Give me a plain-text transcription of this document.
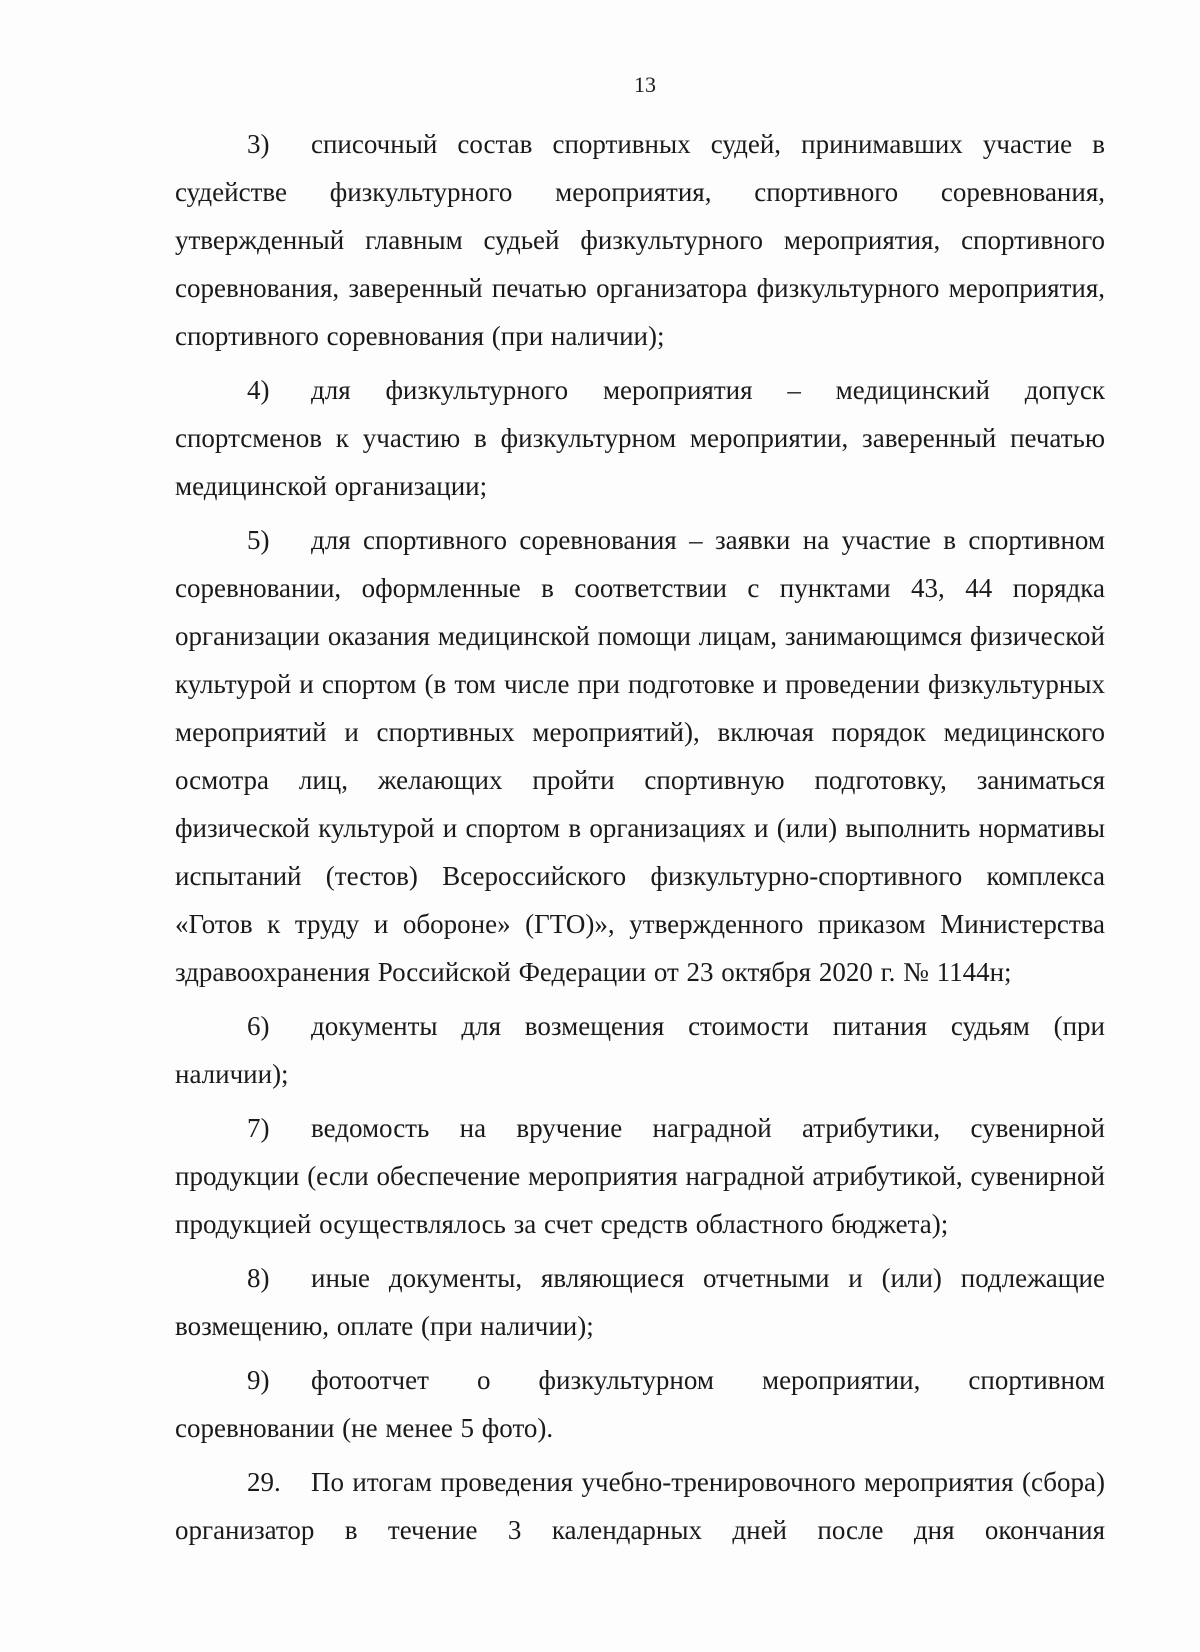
13

3) списочный состав спортивных судей, принимавших участие в судействе физкультурного мероприятия, спортивного соревнования, утвержденный главным судьей физкультурного мероприятия, спортивного соревнования, заверенный печатью организатора физкультурного мероприятия, спортивного соревнования (при наличии);

4) для физкультурного мероприятия – медицинский допуск спортсменов к участию в физкультурном мероприятии, заверенный печатью медицинской организации;

5) для спортивного соревнования – заявки на участие в спортивном соревновании, оформленные в соответствии с пунктами 43, 44 порядка организации оказания медицинской помощи лицам, занимающимся физической культурой и спортом (в том числе при подготовке и проведении физкультурных мероприятий и спортивных мероприятий), включая порядок медицинского осмотра лиц, желающих пройти спортивную подготовку, заниматься физической культурой и спортом в организациях и (или) выполнить нормативы испытаний (тестов) Всероссийского физкультурно-спортивного комплекса «Готов к труду и обороне» (ГТО)», утвержденного приказом Министерства здравоохранения Российской Федерации от 23 октября 2020 г. № 1144н;

6) документы для возмещения стоимости питания судьям (при наличии);

7) ведомость на вручение наградной атрибутики, сувенирной продукции (если обеспечение мероприятия наградной атрибутикой, сувенирной продукцией осуществлялось за счет средств областного бюджета);

8) иные документы, являющиеся отчетными и (или) подлежащие возмещению, оплате (при наличии);

9) фотоотчет о физкультурном мероприятии, спортивном соревновании (не менее 5 фото).

29. По итогам проведения учебно-тренировочного мероприятия (сбора) организатор в течение 3 календарных дней после дня окончания
